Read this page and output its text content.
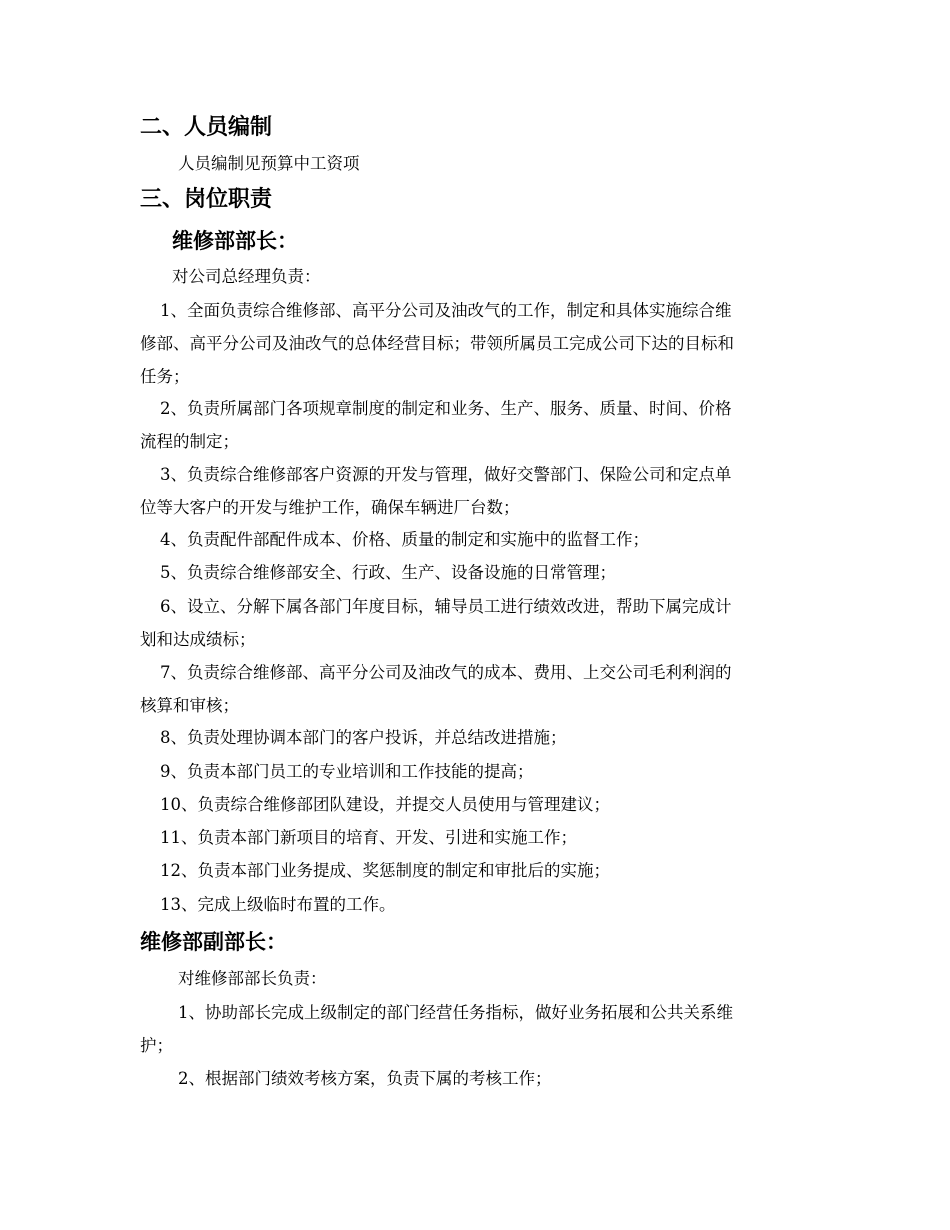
二、人员编制
人员编制见预算中工资项
三、岗位职责
维修部部长：
对公司总经理负责：
1、全面负责综合维修部、高平分公司及油改气的工作，制定和具体实施综合维
修部、高平分公司及油改气的总体经营目标；带领所属员工完成公司下达的目标和
任务；
2、负责所属部门各项规章制度的制定和业务、生产、服务、质量、时间、价格
流程的制定；
3、负责综合维修部客户资源的开发与管理，做好交警部门、保险公司和定点单
位等大客户的开发与维护工作，确保车辆进厂台数；
4、负责配件部配件成本、价格、质量的制定和实施中的监督工作；
5、负责综合维修部安全、行政、生产、设备设施的日常管理；
6、设立、分解下属各部门年度目标，辅导员工进行绩效改进，帮助下属完成计
划和达成绩标；
7、负责综合维修部、高平分公司及油改气的成本、费用、上交公司毛利利润的
核算和审核；
8、负责处理协调本部门的客户投诉，并总结改进措施；
9、负责本部门员工的专业培训和工作技能的提高；
10、负责综合维修部团队建设，并提交人员使用与管理建议；
11、负责本部门新项目的培育、开发、引进和实施工作；
12、负责本部门业务提成、奖惩制度的制定和审批后的实施；
13、完成上级临时布置的工作。
维修部副部长：
对维修部部长负责：
1、协助部长完成上级制定的部门经营任务指标，做好业务拓展和公共关系维
护；
2、根据部门绩效考核方案，负责下属的考核工作；
